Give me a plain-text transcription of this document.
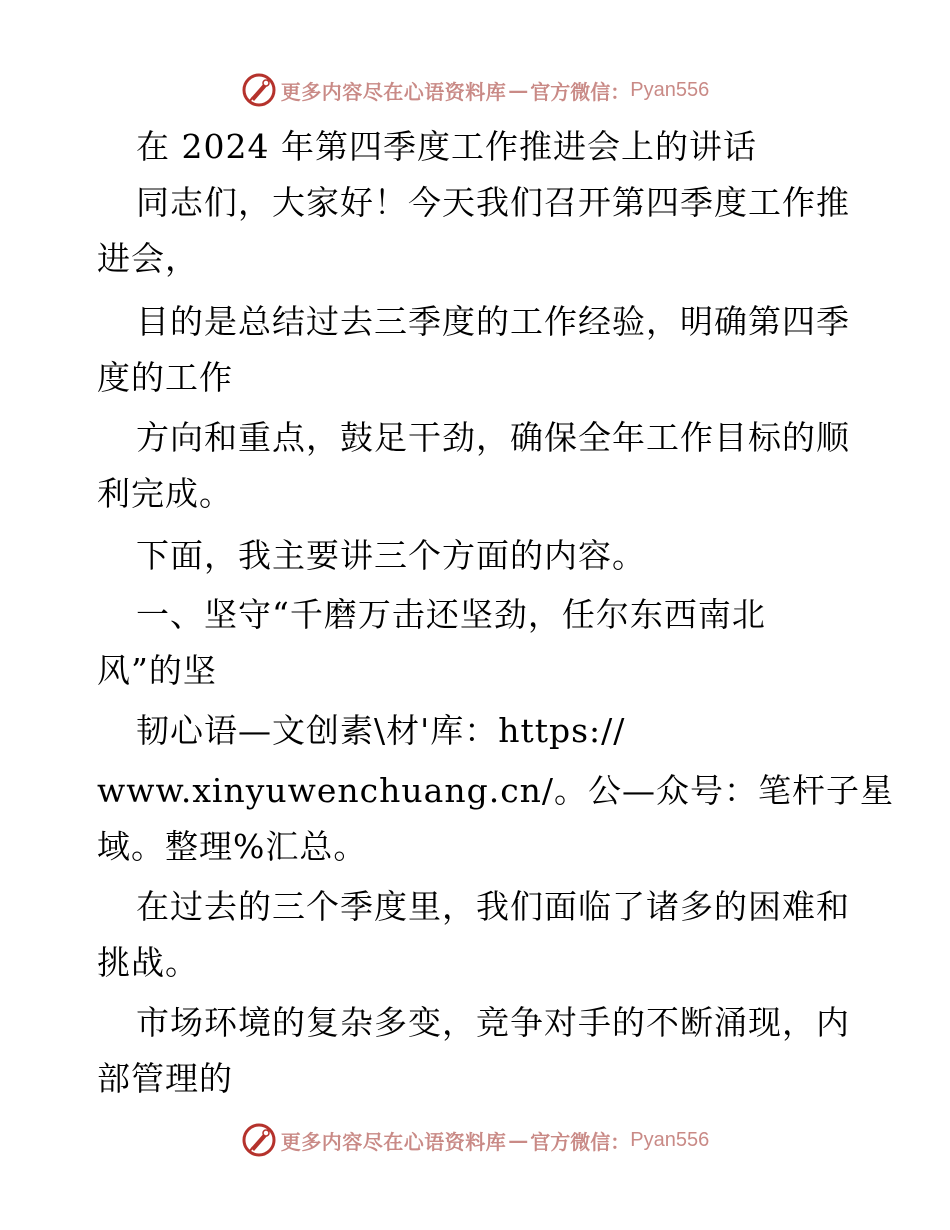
更多内容尽在心语资料库 — 官方微信： Pyan556
在 2024 年第四季度工作推进会上的讲话
同志们，大家好！今天我们召开第四季度工作推
进会，
目的是总结过去三季度的工作经验，明确第四季
度的工作
方向和重点，鼓足干劲，确保全年工作目标的顺
利完成。
下面，我主要讲三个方面的内容。
一、坚守“千磨万击还坚劲，任尔东西南北
风”的坚
韧心语—文创素\材'库：https://
www.xinyuwenchuang.cn/。公—众号：笔杆子星
域。整理%汇总。
在过去的三个季度里，我们面临了诸多的困难和
挑战。
市场环境的复杂多变，竞争对手的不断涌现，内
部管理的
更多内容尽在心语资料库 — 官方微信： Pyan556
